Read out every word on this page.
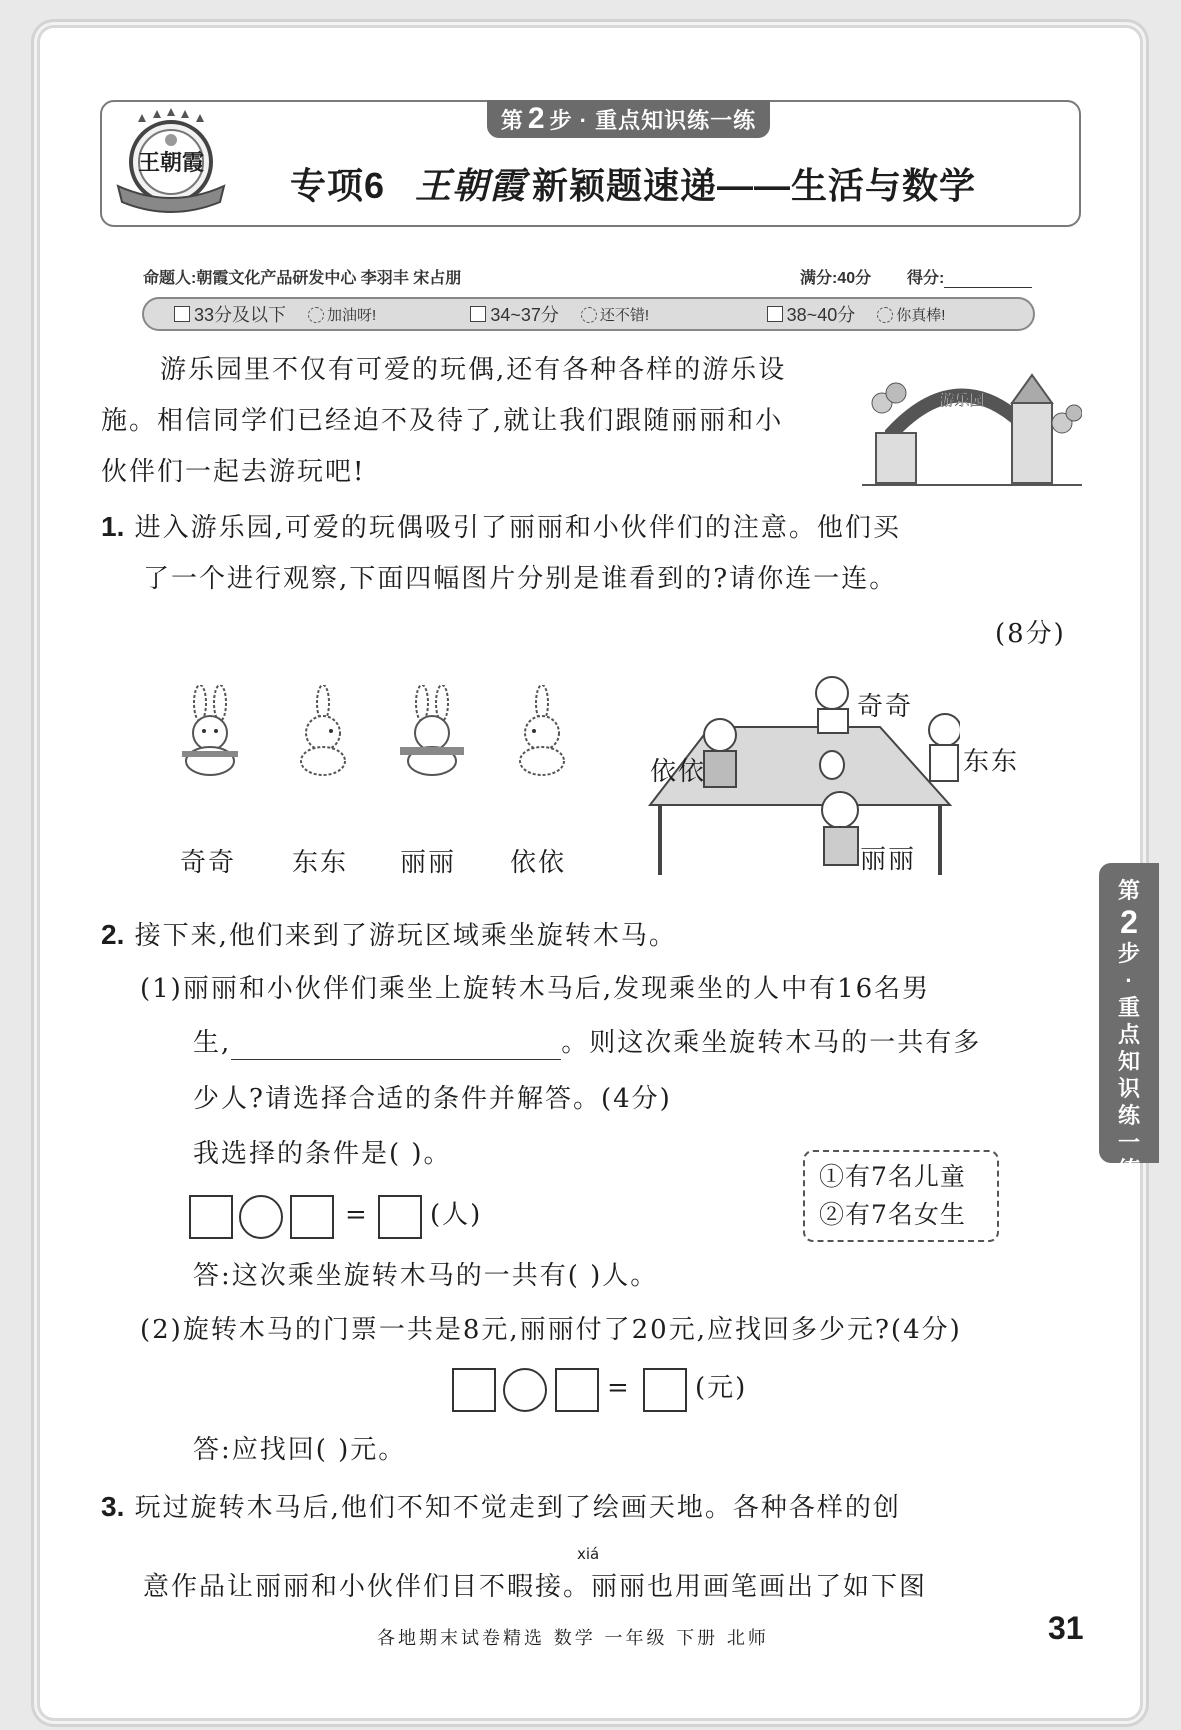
王朝霞
第 2 步 · 重点知识练一练
专项6 王朝霞 新颖题速递——生活与数学
命题人:朝霞文化产品研发中心 李羽丰 宋占朋	满分:40分 得分:
33分及以下	加油呀!	34~37分	还不错!	38~40分	你真棒!
游乐园里不仅有可爱的玩偶,还有各种各样的游乐设
施。相信同学们已经迫不及待了,就让我们跟随丽丽和小
伙伴们一起去游玩吧!
游乐园
1. 进入游乐园,可爱的玩偶吸引了丽丽和小伙伴们的注意。他们买
了一个进行观察,下面四幅图片分别是谁看到的?请你连一连。
(8分)
奇奇 东东 丽丽 依依
奇奇
东东
依依
丽丽
2. 接下来,他们来到了游玩区域乘坐旋转木马。
(1)丽丽和小伙伴们乘坐上旋转木马后,发现乘坐的人中有16名男
生,	。则这次乘坐旋转木马的一共有多
少人?请选择合适的条件并解答。(4分)
我选择的条件是( )。
= (人)
①有7名儿童
②有7名女生
答:这次乘坐旋转木马的一共有( )人。
(2)旋转木马的门票一共是8元,丽丽付了20元,应找回多少元?(4分)
= (元)
答:应找回( )元。
3. 玩过旋转木马后,他们不知不觉走到了绘画天地。各种各样的创
xiá
意作品让丽丽和小伙伴们目不暇接。丽丽也用画笔画出了如下图
第
2
步
·
重
点
知
识
练
一
练
各地期末试卷精选 数学 一年级 下册 北师	31
